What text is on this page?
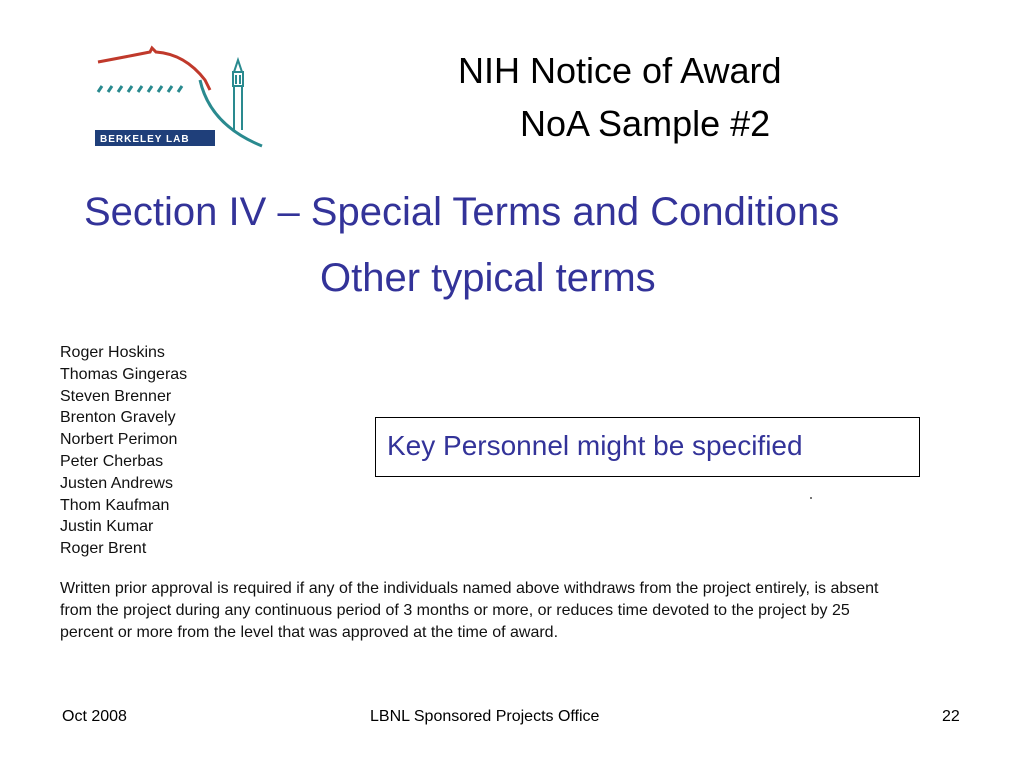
BERKELEY LAB
NIH Notice of Award
NoA Sample #2
Section IV – Special Terms and Conditions
Other typical terms
Roger Hoskins
Thomas Gingeras
Steven Brenner
Brenton Gravely
Norbert Perimon
Peter Cherbas
Justen Andrews
Thom Kaufman
Justin Kumar
Roger Brent
Written prior approval is required if any of the individuals named above withdraws from the project entirely, is absent from the project during any continuous period of 3 months or more, or reduces time devoted to the project by 25 percent or more from the level that was approved at the time of award.
Key Personnel might be specified
Oct 2008	LBNL Sponsored Projects Office	22
